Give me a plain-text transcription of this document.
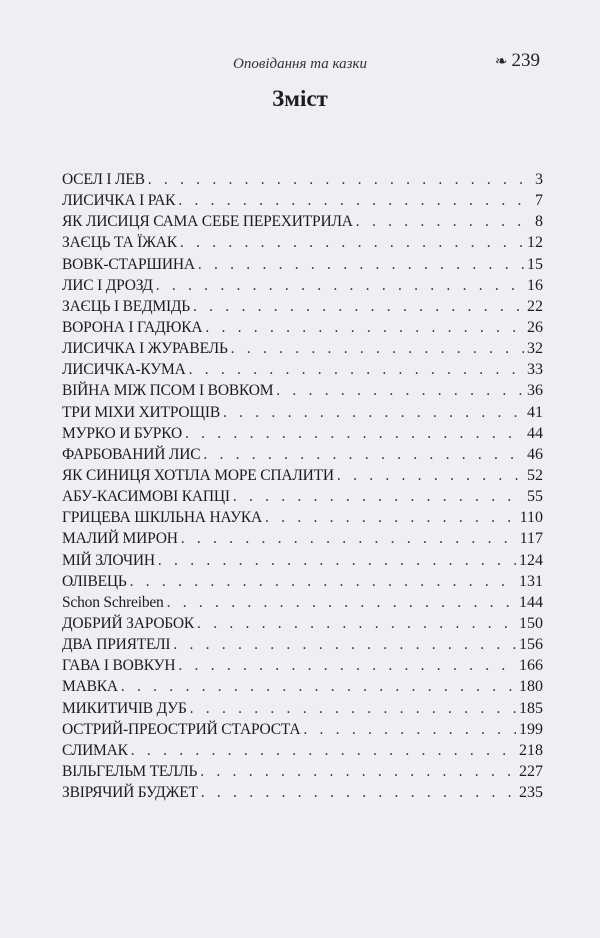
Оповідання та казки	❧ 239
Зміст
ОСЕЛ І ЛЕВ . . .	3
ЛИСИЧКА І РАК . . .	7
ЯК ЛИСИЦЯ САМА СЕБЕ ПЕРЕХИТРИЛА . . .	8
ЗАЄЦЬ ТА ЇЖАК . . .	12
ВОВК-СТАРШИНА . . .	15
ЛИС І ДРОЗД . . .	16
ЗАЄЦЬ І ВЕДМІДЬ . . .	22
ВОРОНА І ГАДЮКА . . .	26
ЛИСИЧКА І ЖУРАВЕЛЬ . . .	32
ЛИСИЧКА-КУМА . . .	33
ВІЙНА МІЖ ПСОМ І ВОВКОМ . . .	36
ТРИ МІХИ ХИТРОЩІВ . . .	41
МУРКО И БУРКО . . .	44
ФАРБОВАНИЙ ЛИС . . .	46
ЯК СИНИЦЯ ХОТІЛА МОРЕ СПАЛИТИ . . .	52
АБУ-КАСИМОВІ КАПЦІ . . .	55
ГРИЦЕВА ШКІЛЬНА НАУКА . . .	110
МАЛИЙ МИРОН . . .	117
МІЙ ЗЛОЧИН . . .	124
ОЛІВЕЦЬ . . .	131
Schon Schreiben . . .	144
ДОБРИЙ ЗАРОБОК . . .	150
ДВА ПРИЯТЕЛІ . . .	156
ГАВА І ВОВКУН . . .	166
МАВКА . . .	180
МИКИТИЧІВ ДУБ . . .	185
ОСТРИЙ-ПРЕОСТРИЙ СТАРОСТА . . .	199
СЛИМАК . . .	218
ВІЛЬГЕЛЬМ ТЕЛЛЬ . . .	227
ЗВІРЯЧИЙ БУДЖЕТ . . .	235
